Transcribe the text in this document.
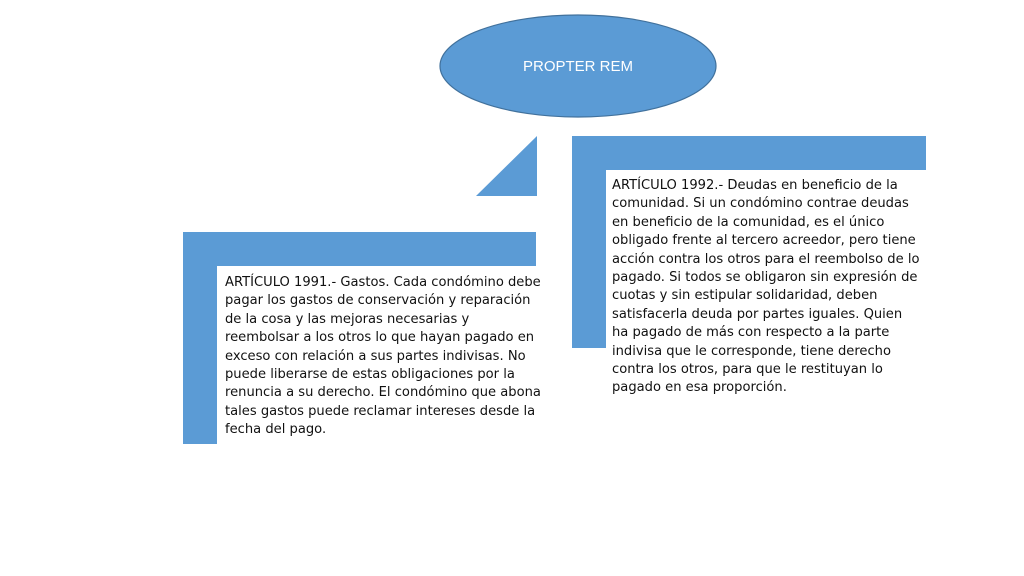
PROPTER REM
ARTÍCULO 1991.- Gastos. Cada condómino debe pagar los gastos de conservación y reparación de la cosa y las mejoras necesarias y reembolsar a los otros lo que hayan pagado en exceso con relación a sus partes indivisas. No puede liberarse de estas obligaciones por la renuncia a su derecho. El condómino que abona tales gastos puede reclamar intereses desde la fecha del pago.
ARTÍCULO 1992.- Deudas en beneficio de la comunidad. Si un condómino contrae deudas en beneficio de la comunidad, es el único obligado frente al tercero acreedor, pero tiene acción contra los otros para el reembolso de lo pagado. Si todos se obligaron sin expresión de cuotas y sin estipular solidaridad, deben satisfacerla deuda por partes iguales. Quien ha pagado de más con respecto a la parte indivisa que le corresponde, tiene derecho contra los otros, para que le restituyan lo pagado en esa proporción.
